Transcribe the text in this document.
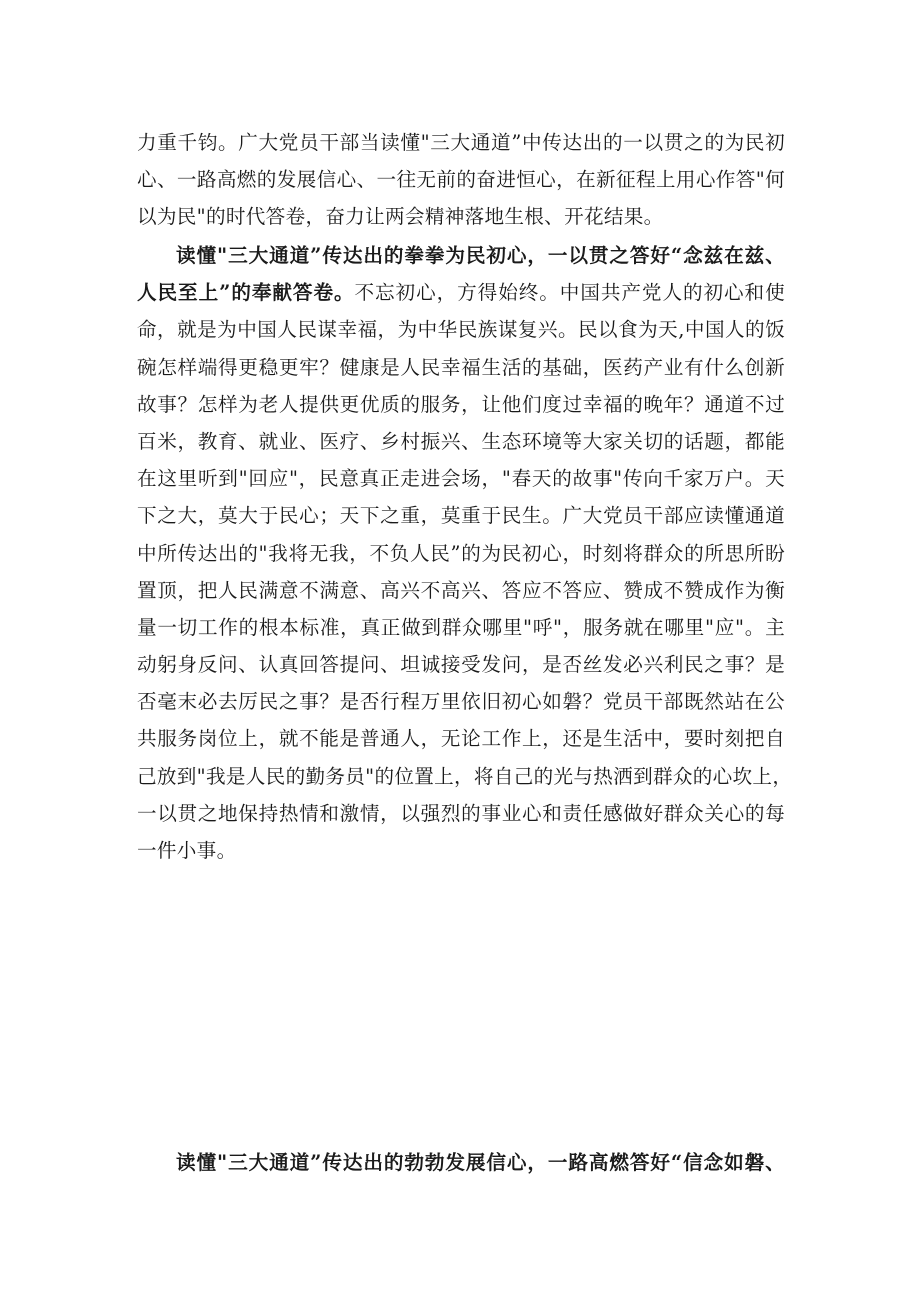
力重千钧。广大党员干部当读懂"三大通道”中传达出的一以贯之的为民初
心、一路高燃的发展信心、一往无前的奋进恒心，在新征程上用心作答"何
以为民"的时代答卷，奋力让两会精神落地生根、开花结果。
读懂"三大通道”传达出的拳拳为民初心，一以贯之答好“念兹在兹、
人民至上”的奉献答卷。不忘初心，方得始终。中国共产党人的初心和使
命，就是为中国人民谋幸福，为中华民族谋复兴。民以食为天,中国人的饭
碗怎样端得更稳更牢？健康是人民幸福生活的基础，医药产业有什么创新
故事？怎样为老人提供更优质的服务，让他们度过幸福的晚年？通道不过
百米，教育、就业、医疗、乡村振兴、生态环境等大家关切的话题，都能
在这里听到"回应"，民意真正走进会场，"春天的故事"传向千家万户。天
下之大，莫大于民心；天下之重，莫重于民生。广大党员干部应读懂通道
中所传达出的"我将无我，不负人民”的为民初心，时刻将群众的所思所盼
置顶，把人民满意不满意、高兴不高兴、答应不答应、赞成不赞成作为衡
量一切工作的根本标准，真正做到群众哪里"呼"，服务就在哪里"应"。主
动躬身反问、认真回答提问、坦诚接受发问，是否丝发必兴利民之事？是
否毫末必去厉民之事？是否行程万里依旧初心如磐？党员干部既然站在公
共服务岗位上，就不能是普通人，无论工作上，还是生活中，要时刻把自
己放到"我是人民的勤务员"的位置上，将自己的光与热洒到群众的心坎上，
一以贯之地保持热情和激情，以强烈的事业心和责任感做好群众关心的每
一件小事。
读懂"三大通道”传达出的勃勃发展信心，一路高燃答好“信念如磐、
